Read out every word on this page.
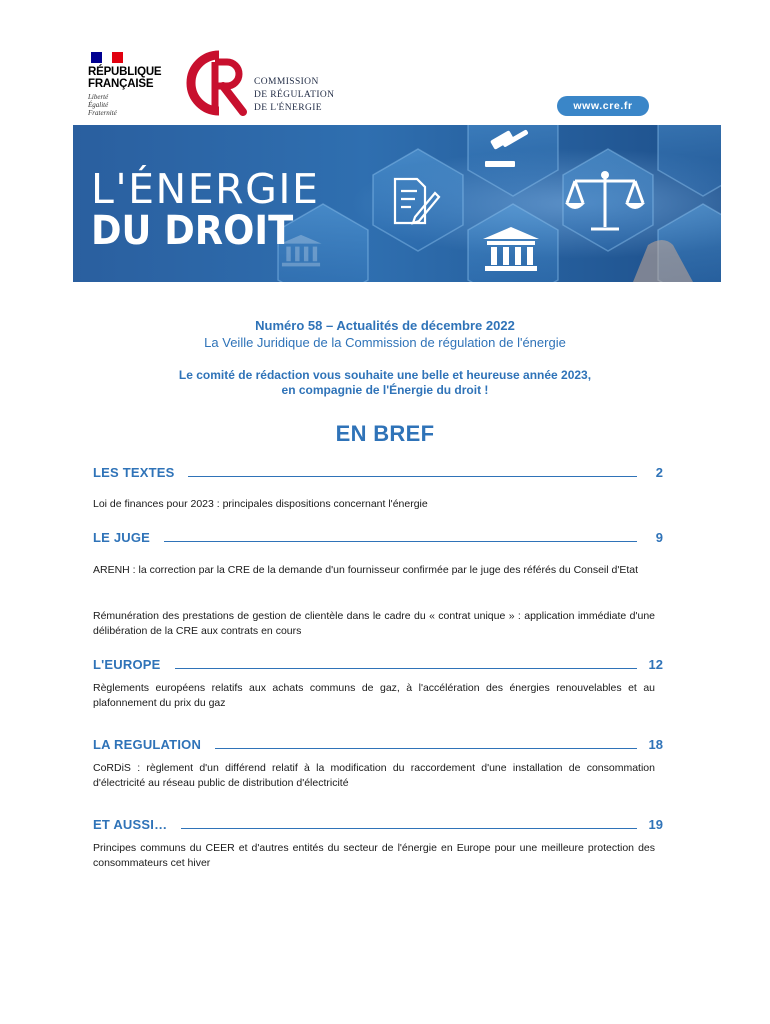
RÉPUBLIQUE
FRANÇAISE
Liberté
Égalité
Fraternité
COMMISSION
DE RÉGULATION
DE L'ÉNERGIE	www.cre.fr
L'ÉNERGIE
DU DROIT
Numéro 58 – Actualités de décembre 2022
La Veille Juridique de la Commission de régulation de l'énergie
Le comité de rédaction vous souhaite une belle et heureuse année 2023,
en compagnie de l'Énergie du droit !
EN BREF
LES TEXTES	2
Loi de finances pour 2023 : principales dispositions concernant l'énergie
LE JUGE	9
ARENH : la correction par la CRE de la demande d'un fournisseur confirmée par le juge des référés du Conseil d'Etat
Rémunération des prestations de gestion de clientèle dans le cadre du « contrat unique » : application immédiate d'une délibération de la CRE aux contrats en cours
L'EUROPE	12
Règlements européens relatifs aux achats communs de gaz, à l'accélération des énergies renouvelables et au plafonnement du prix du gaz
LA REGULATION	18
CoRDiS : règlement d'un différend relatif à la modification du raccordement d'une installation de consommation d'électricité au réseau public de distribution d'électricité
ET AUSSI…	19
Principes communs du CEER et d'autres entités du secteur de l'énergie en Europe pour une meilleure protection des consommateurs cet hiver
